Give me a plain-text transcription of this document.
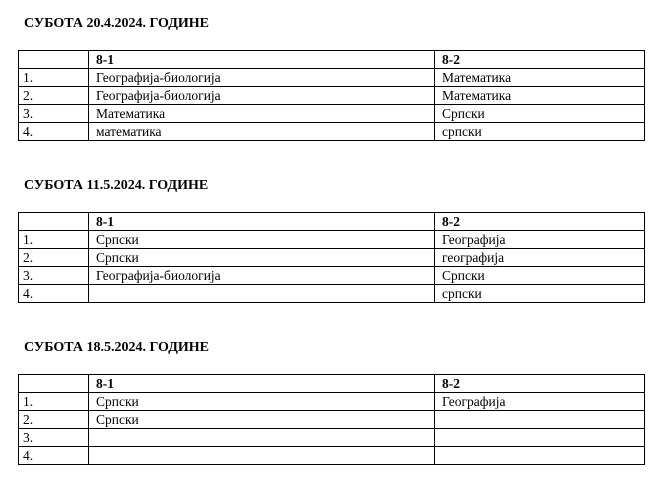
СУБОТА 20.4.2024. ГОДИНЕ
	8-1	8-2
1.	Географија-биологија	Математика
2.	Географија-биологија	Математика
3.	Математика	Српски
4.	математика	српски
СУБОТА 11.5.2024. ГОДИНЕ
	8-1	8-2
1.	Српски	Географија
2.	Српски	географија
3.	Географија-биологија	Српски
4.		српски
СУБОТА 18.5.2024. ГОДИНЕ
	8-1	8-2
1.	Српски	Географија
2.	Српски	
3.		
4.		
